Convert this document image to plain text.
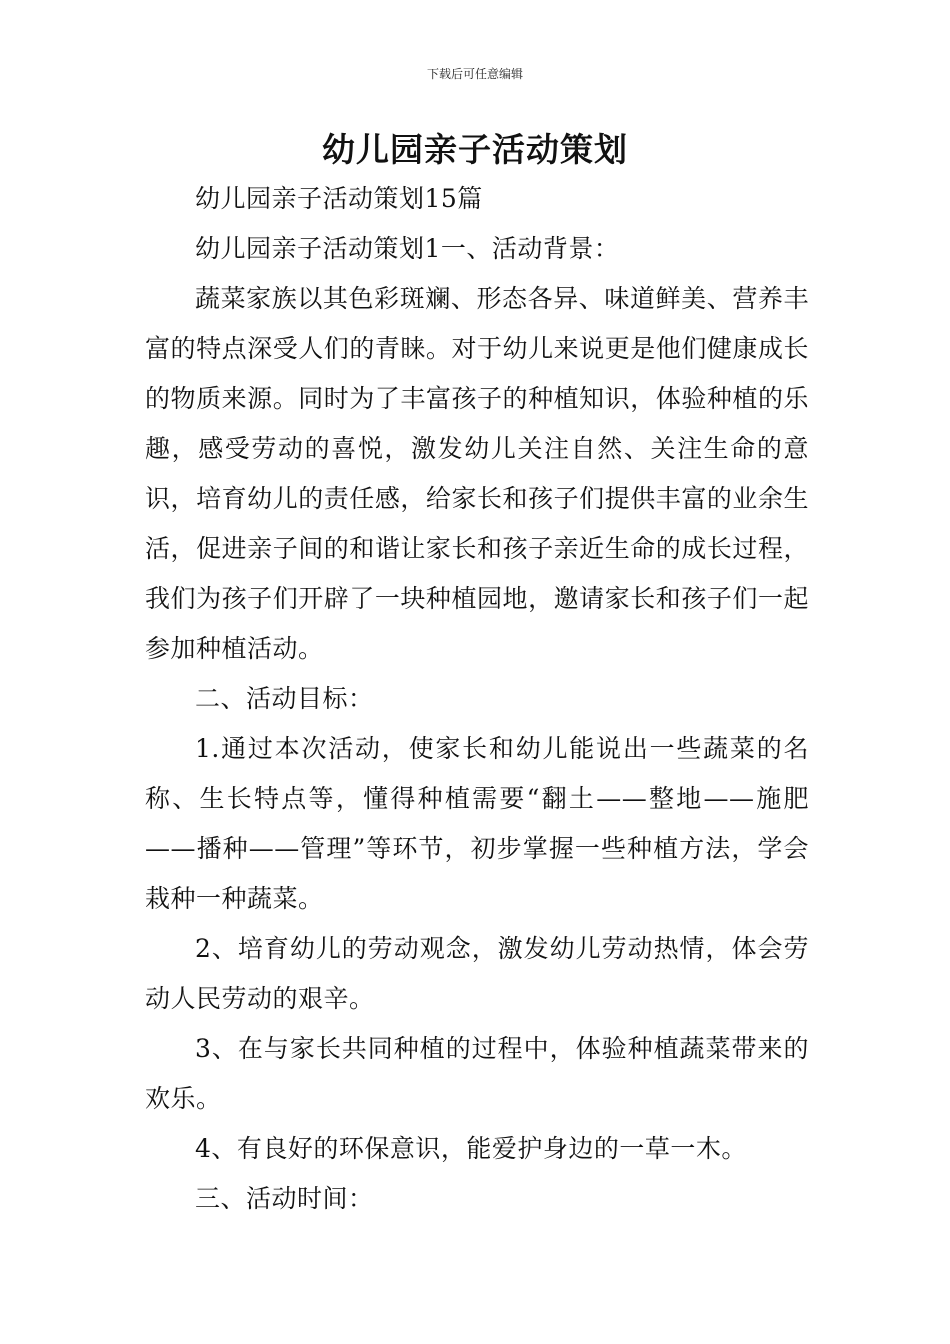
下载后可任意编辑
幼儿园亲子活动策划

幼儿园亲子活动策划15篇

幼儿园亲子活动策划1一、活动背景：

蔬菜家族以其色彩斑斓、形态各异、味道鲜美、营养丰富的特点深受人们的青睐。对于幼儿来说更是他们健康成长的物质来源。同时为了丰富孩子的种植知识，体验种植的乐趣，感受劳动的喜悦，激发幼儿关注自然、关注生命的意识，培育幼儿的责任感，给家长和孩子们提供丰富的业余生活，促进亲子间的和谐让家长和孩子亲近生命的成长过程，我们为孩子们开辟了一块种植园地，邀请家长和孩子们一起参加种植活动。

二、活动目标：

1.通过本次活动，使家长和幼儿能说出一些蔬菜的名称、生长特点等，懂得种植需要“翻土——整地——施肥——播种——管理”等环节，初步掌握一些种植方法，学会栽种一种蔬菜。

2、培育幼儿的劳动观念，激发幼儿劳动热情，体会劳动人民劳动的艰辛。

3、在与家长共同种植的过程中，体验种植蔬菜带来的欢乐。

4、有良好的环保意识，能爱护身边的一草一木。

三、活动时间：
